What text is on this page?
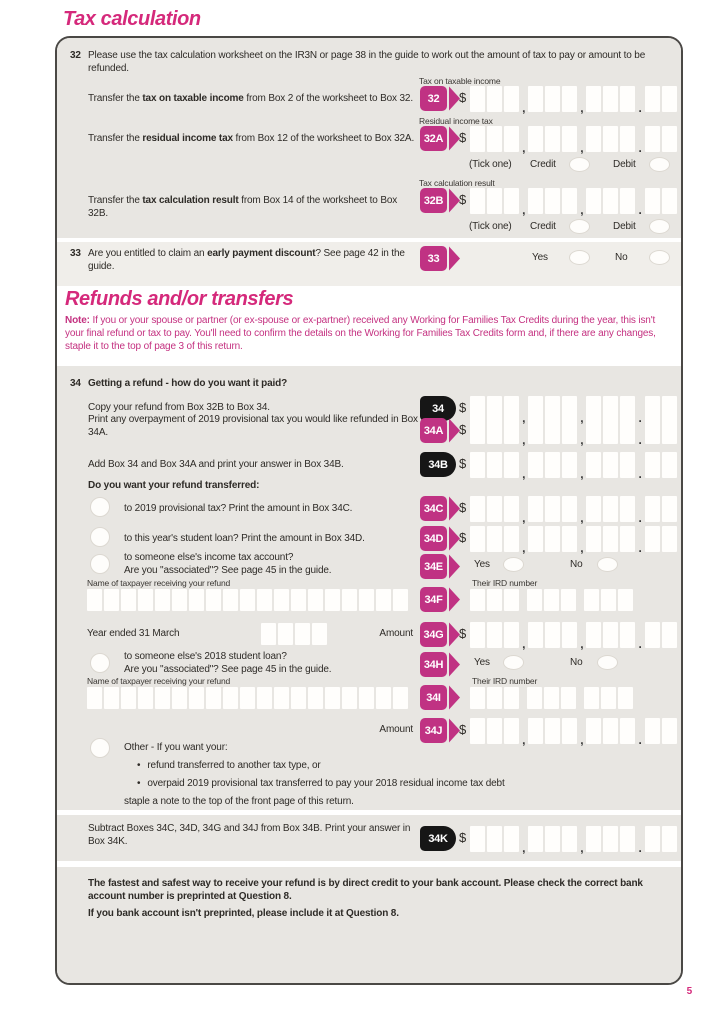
Tax calculation
32 Please use the tax calculation worksheet on the IR3N or page 38 in the guide to work out the amount of tax to pay or amount to be refunded.
Tax on taxable income
Transfer the tax on taxable income from Box 2 of the worksheet to Box 32.	32	$
,	,	.
Residual income tax
Transfer the residual income tax from Box 12 of the worksheet to Box 32A. 32A $
,	,	.
(Tick one) Credit	Debit
Tax calculation result
Transfer the tax calculation result from Box 14 of the worksheet to Box 32B.
32B $
,	,	.
(Tick one) Credit	Debit
33 Are you entitled to claim an early payment discount? See page 42 in the guide.
33	Yes	No
Refunds and/or transfers
Note: If you or your spouse or partner (or ex-spouse or ex-partner) received any Working for Families Tax Credits during the year, this isn't your final refund or tax to pay. You'll need to confirm the details on the Working for Families Tax Credits form and, if there are any changes, staple it to the top of page 3 of this return.
34 Getting a refund - how do you want it paid?
Copy your refund from Box 32B to Box 34.	34	$
,	,	.
Print any overpayment of 2019 provisional tax you would like refunded in Box 34A.	34A $
,	,	.
Add Box 34 and Box 34A and print your answer in Box 34B.	34B $
,	,	.
Do you want your refund transferred:
to 2019 provisional tax? Print the amount in Box 34C.	34C $
,	,	.
to this year's student loan? Print the amount in Box 34D.	34D $
,	,	.
to someone else's income tax account?
Are you "associated"? See page 45 in the guide.	34E	Yes	No
Name of taxpayer receiving your refund	Their IRD number
34F
Year ended 31 March	Amount 34G $
,	,	.
to someone else's 2018 student loan?
Are you "associated"? See page 45 in the guide.	34H	Yes	No
Name of taxpayer receiving your refund	Their IRD number
34I
Amount	34J	$
,	,	.
Other - If you want your:
• refund transferred to another tax type, or
• overpaid 2019 provisional tax transferred to pay your 2018 residual income tax debt
staple a note to the top of the front page of this return.
Subtract Boxes 34C, 34D, 34G and 34J from Box 34B. Print your answer in Box 34K.	34K $
,	,	.
The fastest and safest way to receive your refund is by direct credit to your bank account. Please check the correct bank account number is preprinted at Question 8.
If you bank account isn't preprinted, please include it at Question 8.
5
